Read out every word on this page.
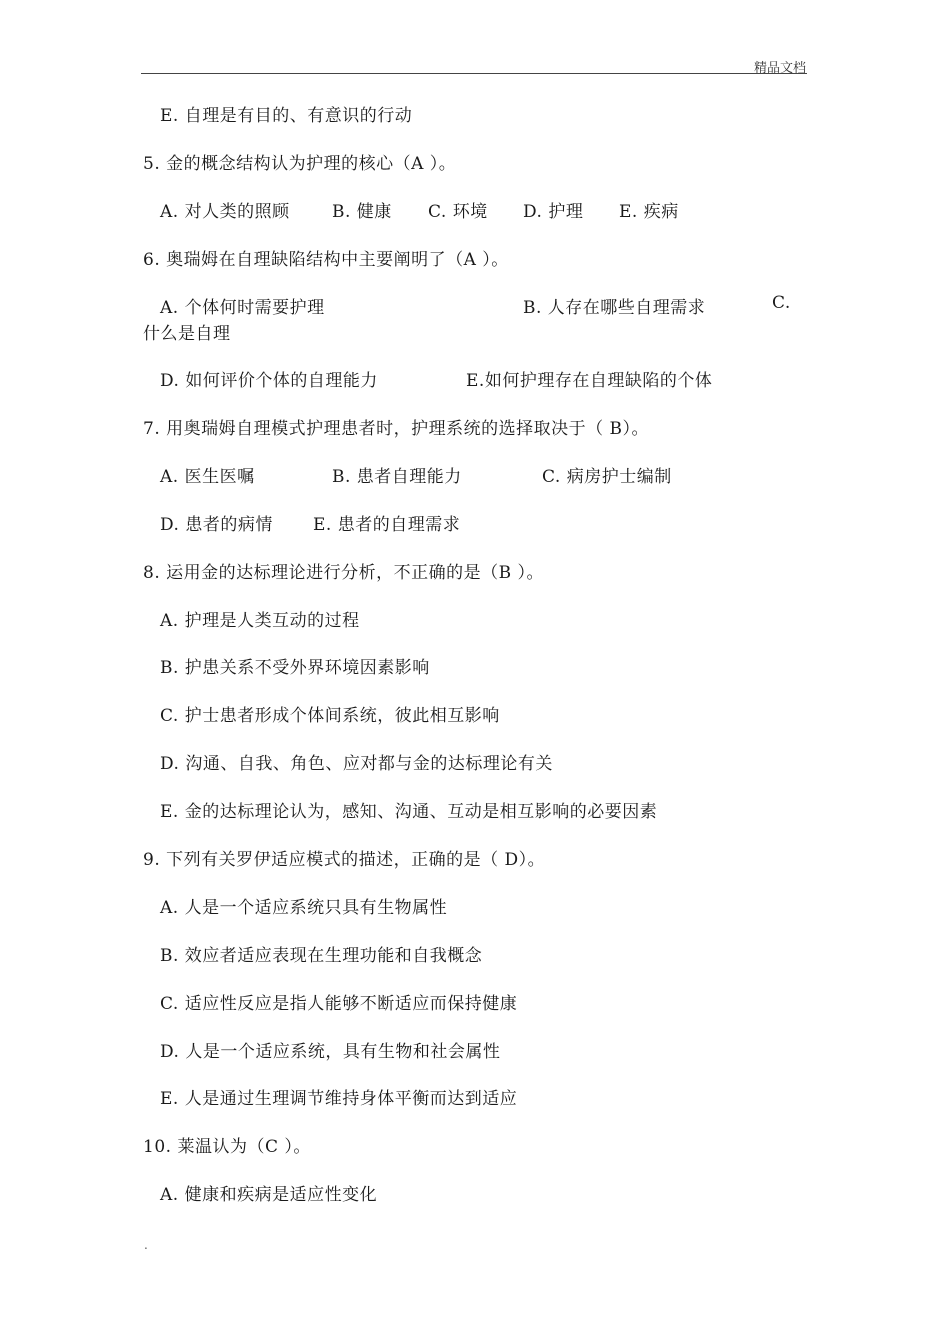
精品文档
E. 自理是有目的、有意识的行动
5. 金的概念结构认为护理的核心（A ）。
A. 对人类的照顾 B. 健康 C. 环境 D. 护理 E. 疾病
6. 奥瑞姆在自理缺陷结构中主要阐明了（A ）。
A. 个体何时需要护理	B. 人存在哪些自理需求	C.
什么是自理
D. 如何评价个体的自理能力	E.如何护理存在自理缺陷的个体
7. 用奥瑞姆自理模式护理患者时，护理系统的选择取决于（ B）。
A. 医生医嘱	B. 患者自理能力	C. 病房护士编制
D. 患者的病情 E. 患者的自理需求
8. 运用金的达标理论进行分析，不正确的是（B ）。
A. 护理是人类互动的过程
B. 护患关系不受外界环境因素影响
C. 护士患者形成个体间系统，彼此相互影响
D. 沟通、自我、角色、应对都与金的达标理论有关
E. 金的达标理论认为，感知、沟通、互动是相互影响的必要因素
9. 下列有关罗伊适应模式的描述，正确的是（ D）。
A. 人是一个适应系统只具有生物属性
B. 效应者适应表现在生理功能和自我概念
C. 适应性反应是指人能够不断适应而保持健康
D. 人是一个适应系统，具有生物和社会属性
E. 人是通过生理调节维持身体平衡而达到适应
10. 莱温认为（C ）。
A. 健康和疾病是适应性变化
.
